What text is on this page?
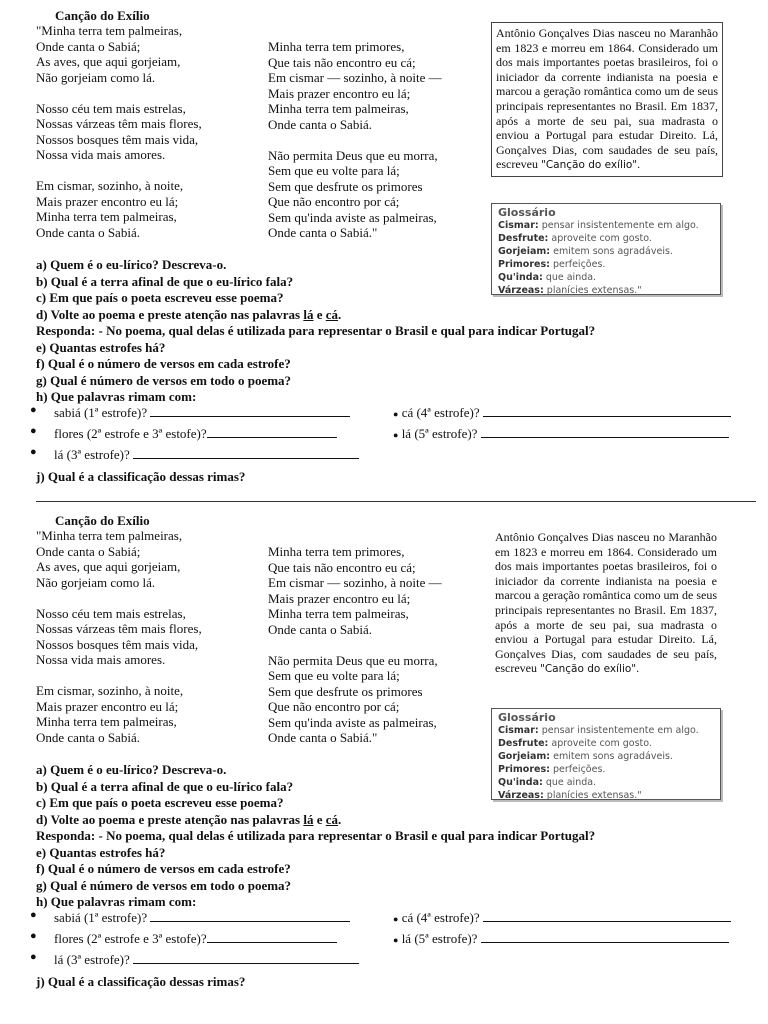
Canção do Exílio
"Minha terra tem palmeiras,
Onde canta o Sabiá;
As aves, que aqui gorjeiam,
Não gorjeiam como lá.
Nosso céu tem mais estrelas,
Nossas várzeas têm mais flores,
Nossos bosques têm mais vida,
Nossa vida mais amores.
Em cismar, sozinho, à noite,
Mais prazer encontro eu lá;
Minha terra tem palmeiras,
Onde canta o Sabiá.
Minha terra tem primores,
Que tais não encontro eu cá;
Em cismar — sozinho, à noite —
Mais prazer encontro eu lá;
Minha terra tem palmeiras,
Onde canta o Sabiá.
Não permita Deus que eu morra,
Sem que eu volte para lá;
Sem que desfrute os primores
Que não encontro por cá;
Sem qu'inda aviste as palmeiras,
Onde canta o Sabiá."
Antônio Gonçalves Dias nasceu no Maranhão em 1823 e morreu em 1864. Considerado um dos mais importantes poetas brasileiros, foi o iniciador da corrente indianista na poesia e marcou a geração romântica como um de seus principais representantes no Brasil. Em 1837, após a morte de seu pai, sua madrasta o enviou a Portugal para estudar Direito. Lá, Gonçalves Dias, com saudades de seu país, escreveu "Canção do exílio".
Glossário
Cismar: pensar insistentemente em algo.
Desfrute: aproveite com gosto.
Gorjeiam: emitem sons agradáveis.
Primores: perfeições.
Qu'inda: que ainda.
Várzeas: planícies extensas."
a) Quem é o eu-lírico? Descreva-o.
b) Qual é a terra afinal de que o eu-lírico fala?
c) Em que país o poeta escreveu esse poema?
d) Volte ao poema e preste atenção nas palavras lá e cá.
Responda: - No poema, qual delas é utilizada para representar o Brasil e qual para indicar Portugal?
e) Quantas estrofes há?
f) Qual é o número de versos em cada estrofe?
g) Qual é número de versos em todo o poema?
h) Que palavras rimam com:
● sabiá (1ª estrofe)?	● cá (4ª estrofe)?
● flores (2ª estrofe e 3ª estofe)?	● lá (5ª estrofe)?
● lá (3ª estrofe)?
j) Qual é a classificação dessas rimas?
Canção do Exílio
"Minha terra tem palmeiras,
Onde canta o Sabiá;
As aves, que aqui gorjeiam,
Não gorjeiam como lá.
Nosso céu tem mais estrelas,
Nossas várzeas têm mais flores,
Nossos bosques têm mais vida,
Nossa vida mais amores.
Em cismar, sozinho, à noite,
Mais prazer encontro eu lá;
Minha terra tem palmeiras,
Onde canta o Sabiá.
Minha terra tem primores,
Que tais não encontro eu cá;
Em cismar — sozinho, à noite —
Mais prazer encontro eu lá;
Minha terra tem palmeiras,
Onde canta o Sabiá.
Não permita Deus que eu morra,
Sem que eu volte para lá;
Sem que desfrute os primores
Que não encontro por cá;
Sem qu'inda aviste as palmeiras,
Onde canta o Sabiá."
Antônio Gonçalves Dias nasceu no Maranhão em 1823 e morreu em 1864. Considerado um dos mais importantes poetas brasileiros, foi o iniciador da corrente indianista na poesia e marcou a geração romântica como um de seus principais representantes no Brasil. Em 1837, após a morte de seu pai, sua madrasta o enviou a Portugal para estudar Direito. Lá, Gonçalves Dias, com saudades de seu país, escreveu "Canção do exílio".
Glossário
Cismar: pensar insistentemente em algo.
Desfrute: aproveite com gosto.
Gorjeiam: emitem sons agradáveis.
Primores: perfeições.
Qu'inda: que ainda.
Várzeas: planícies extensas."
a) Quem é o eu-lírico? Descreva-o.
b) Qual é a terra afinal de que o eu-lírico fala?
c) Em que país o poeta escreveu esse poema?
d) Volte ao poema e preste atenção nas palavras lá e cá.
Responda: - No poema, qual delas é utilizada para representar o Brasil e qual para indicar Portugal?
e) Quantas estrofes há?
f) Qual é o número de versos em cada estrofe?
g) Qual é número de versos em todo o poema?
h) Que palavras rimam com:
● sabiá (1ª estrofe)?	● cá (4ª estrofe)?
● flores (2ª estrofe e 3ª estofe)?	● lá (5ª estrofe)?
● lá (3ª estrofe)?
j) Qual é a classificação dessas rimas?
